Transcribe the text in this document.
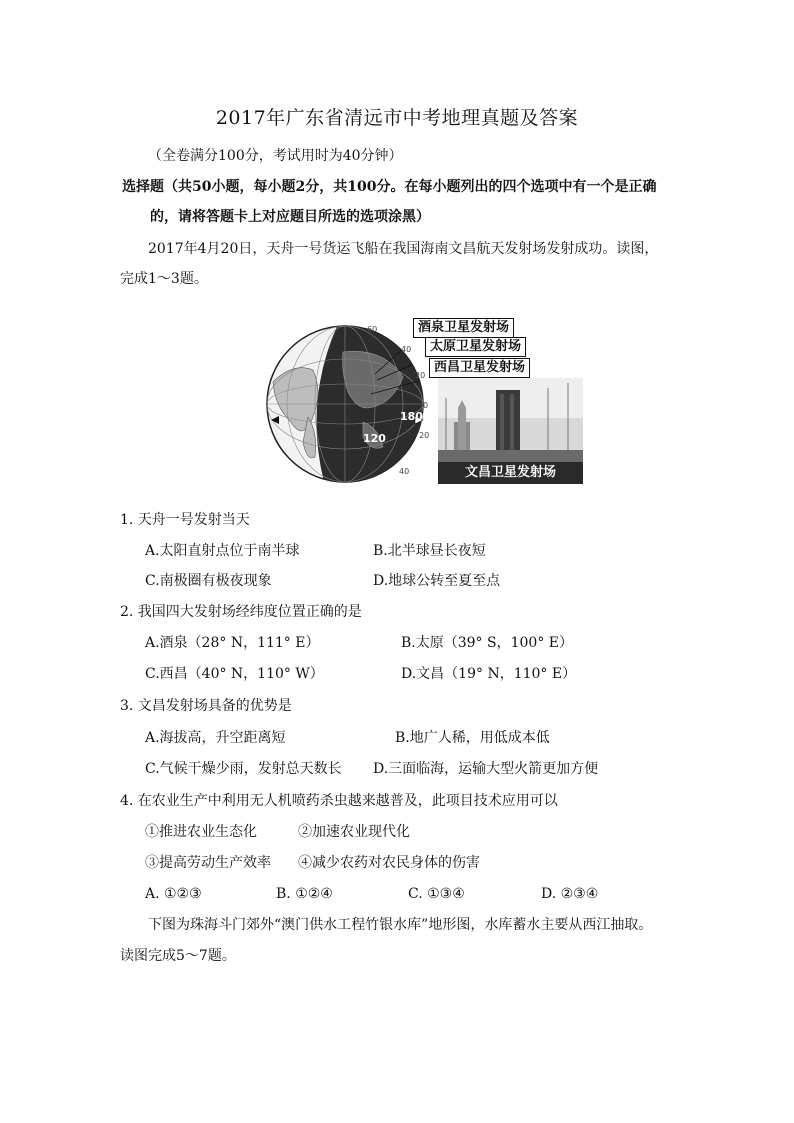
2017年广东省清远市中考地理真题及答案
（全卷满分100分，考试用时为40分钟）
选择题（共50小题，每小题2分，共100分。在每小题列出的四个选项中有一个是正确
的，请将答题卡上对应题目所选的选项涂黑）
2017年4月20日，天舟一号货运飞船在我国海南文昌航天发射场发射成功。读图，
完成1～3题。
60
40
20
0
20
40
180
120
酒泉卫星发射场
太原卫星发射场
西昌卫星发射场
文昌卫星发射场
1. 天舟一号发射当天
A.太阳直射点位于南半球	B.北半球昼长夜短
C.南极圈有极夜现象	D.地球公转至夏至点
2. 我国四大发射场经纬度位置正确的是
A.酒泉（28° N，111° E）	B.太原（39° S，100° E）
C.西昌（40° N，110° W）	D.文昌（19° N，110° E）
3. 文昌发射场具备的优势是
A.海拔高，升空距离短	B.地广人稀，用低成本低
C.气候干燥少雨，发射总天数长 D.三面临海，运输大型火箭更加方便
4. 在农业生产中利用无人机喷药杀虫越来越普及，此项目技术应用可以
①推进农业生态化	②加速农业现代化
③提高劳动生产效率 ④减少农药对农民身体的伤害
A. ①②③	B. ①②④	C. ①③④	D. ②③④
下图为珠海斗门郊外“澳门供水工程竹银水库”地形图，水库蓄水主要从西江抽取。
读图完成5～7题。
